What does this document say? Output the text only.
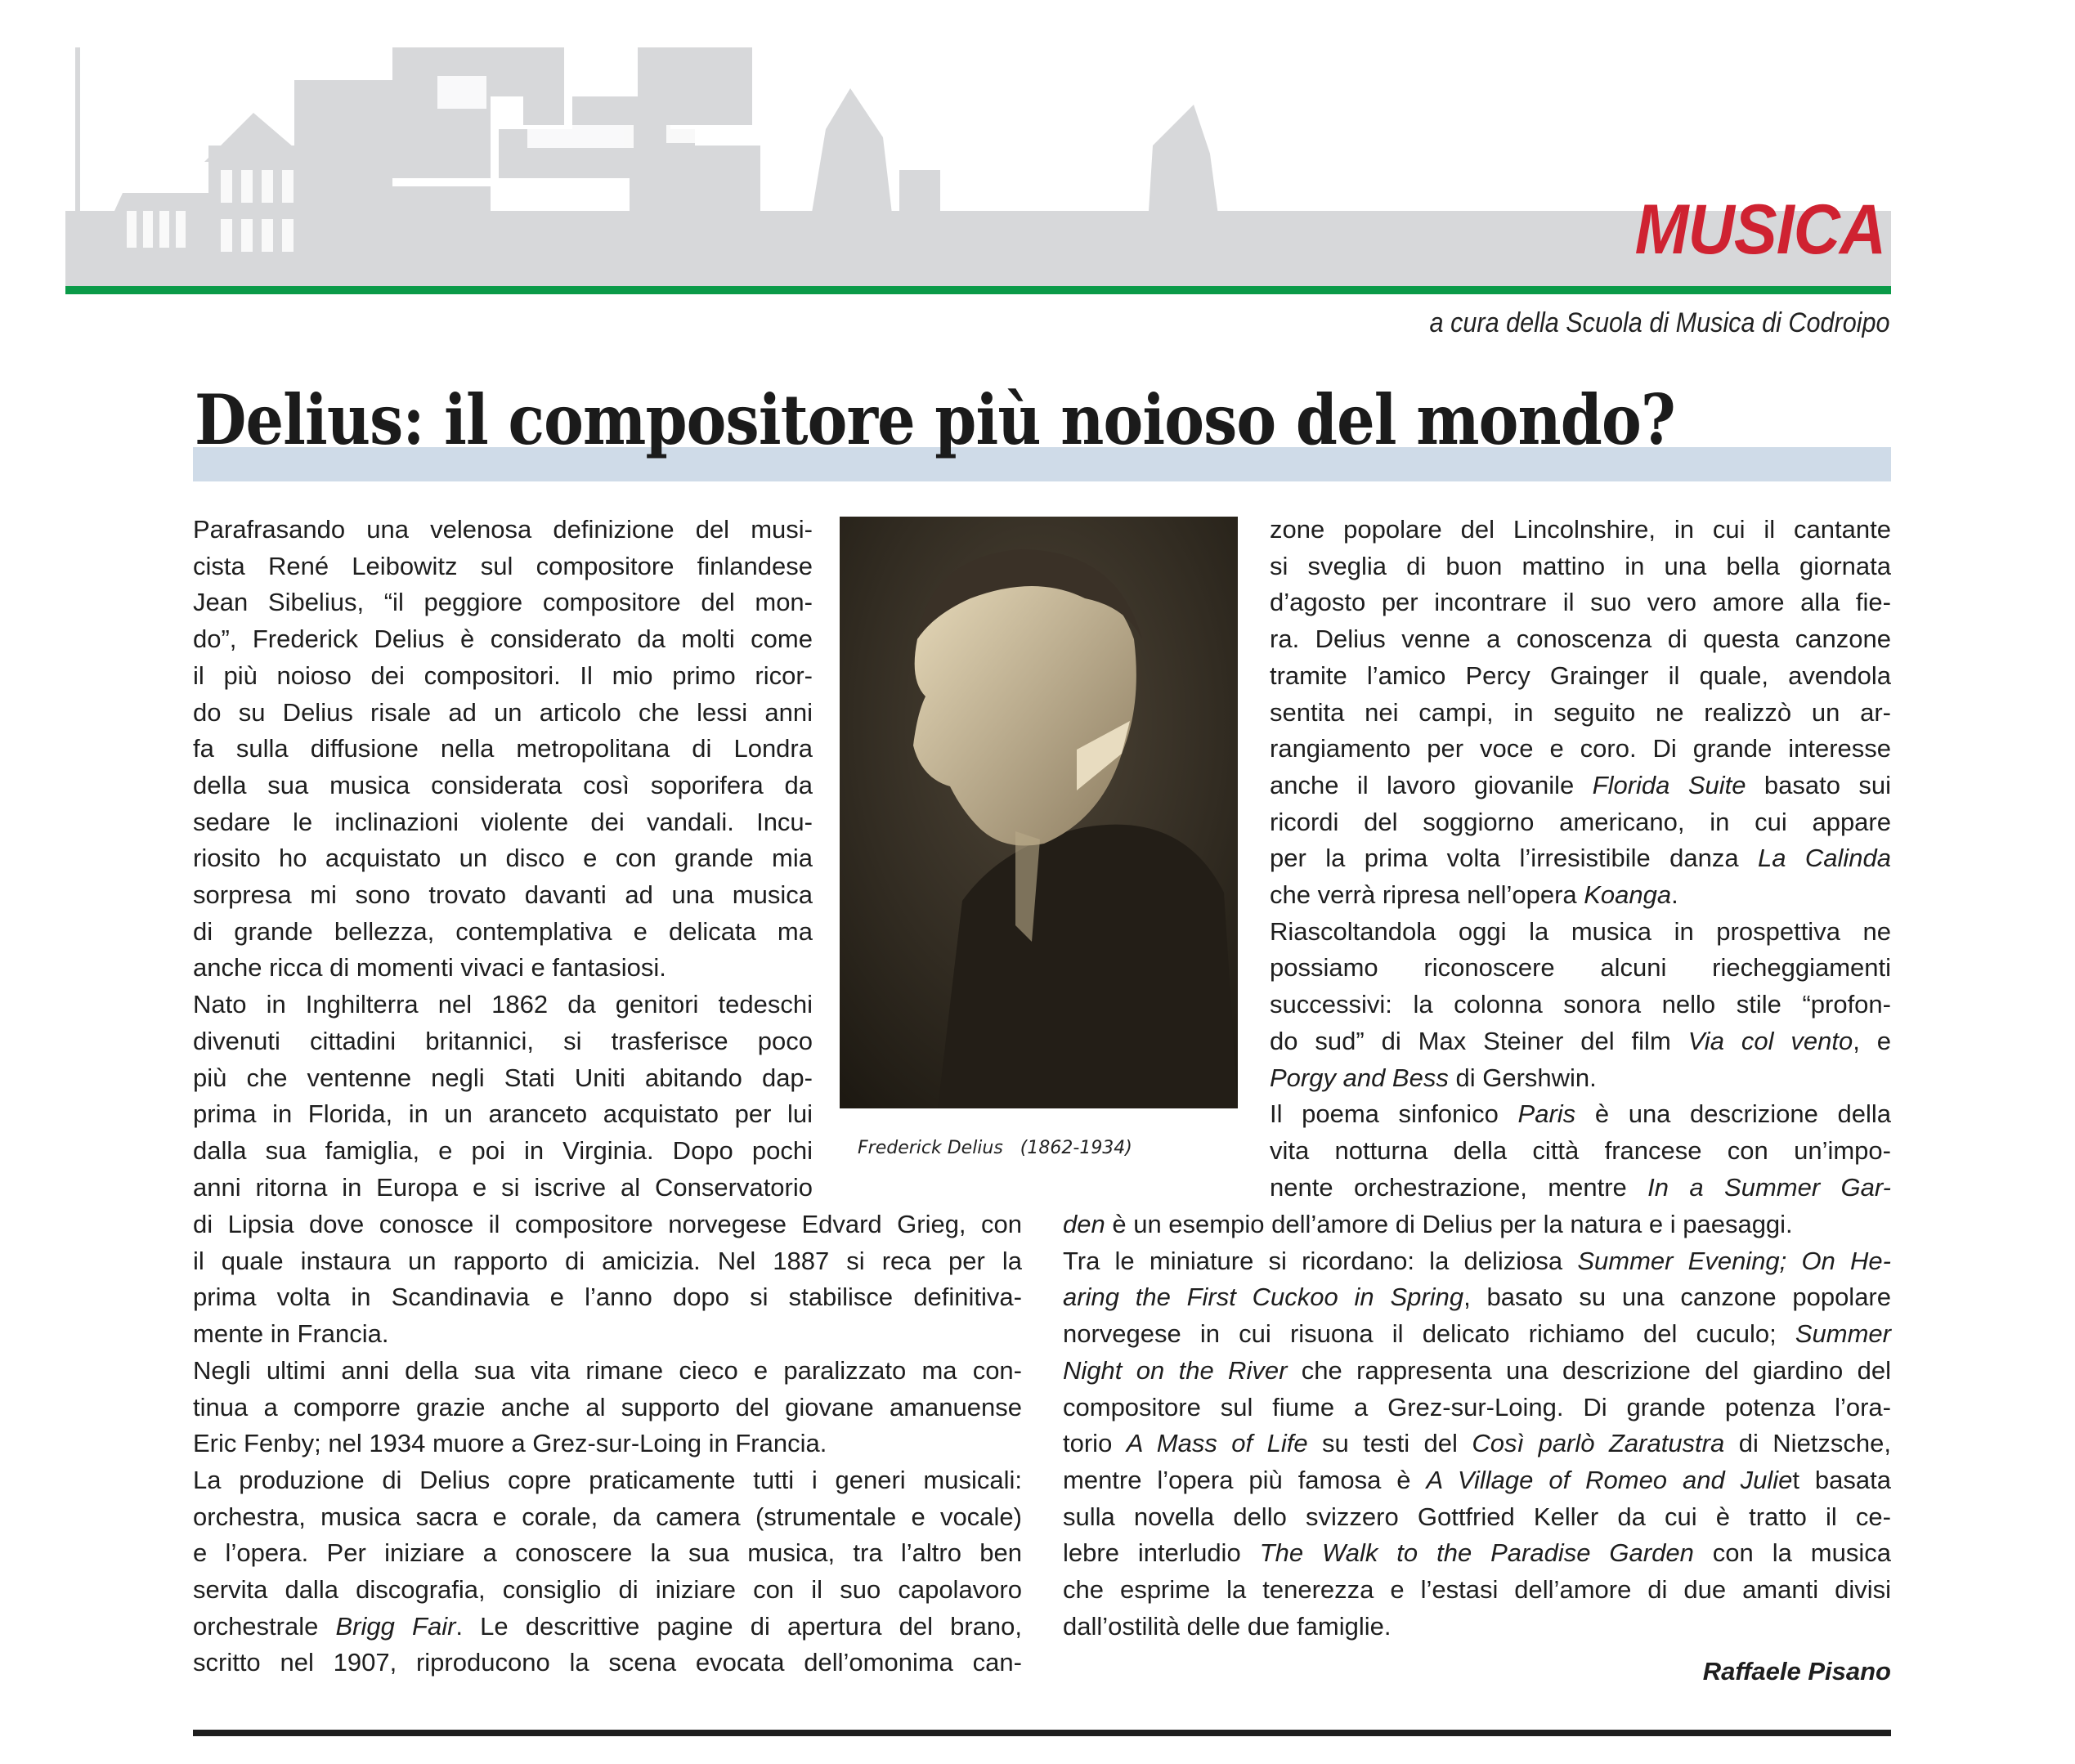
MUSICA
a cura della Scuola di Musica di Codroipo
Delius: il compositore più noioso del mondo?
Parafrasando una velenosa definizione del musi-
cista René Leibowitz sul compositore finlandese
Jean Sibelius, “il peggiore compositore del mon-
do”, Frederick Delius è considerato da molti come
il più noioso dei compositori. Il mio primo ricor-
do su Delius risale ad un articolo che lessi anni
fa sulla diffusione nella metropolitana di Londra
della sua musica considerata così soporifera da
sedare le inclinazioni violente dei vandali. Incu-
riosito ho acquistato un disco e con grande mia
sorpresa mi sono trovato davanti ad una musica
di grande bellezza, contemplativa e delicata ma
anche ricca di momenti vivaci e fantasiosi.
Nato in Inghilterra nel 1862 da genitori tedeschi
divenuti cittadini britannici, si trasferisce poco
più che ventenne negli Stati Uniti abitando dap-
prima in Florida, in un aranceto acquistato per lui
dalla sua famiglia, e poi in Virginia. Dopo pochi
anni ritorna in Europa e si iscrive al Conservatorio
di Lipsia dove conosce il compositore norvegese Edvard Grieg, con
il quale instaura un rapporto di amicizia. Nel 1887 si reca per la
prima volta in Scandinavia e l’anno dopo si stabilisce definitiva-
mente in Francia.
Negli ultimi anni della sua vita rimane cieco e paralizzato ma con-
tinua a comporre grazie anche al supporto del giovane amanuense
Eric Fenby; nel 1934 muore a Grez-sur-Loing in Francia.
La produzione di Delius copre praticamente tutti i generi musicali:
orchestra, musica sacra e corale, da camera (strumentale e vocale)
e l’opera. Per iniziare a conoscere la sua musica, tra l’altro ben
servita dalla discografia, consiglio di iniziare con il suo capolavoro
orchestrale Brigg Fair. Le descrittive pagine di apertura del brano,
scritto nel 1907, riproducono la scena evocata dell’omonima can-
zone popolare del Lincolnshire, in cui il cantante
si sveglia di buon mattino in una bella giornata
d’agosto per incontrare il suo vero amore alla fie-
ra. Delius venne a conoscenza di questa canzone
tramite l’amico Percy Grainger il quale, avendola
sentita nei campi, in seguito ne realizzò un ar-
rangiamento per voce e coro. Di grande interesse
anche il lavoro giovanile Florida Suite basato sui
ricordi del soggiorno americano, in cui appare
per la prima volta l’irresistibile danza La Calinda
che verrà ripresa nell’opera Koanga.
Riascoltandola oggi la musica in prospettiva ne
possiamo riconoscere alcuni riecheggiamenti
successivi: la colonna sonora nello stile “profon-
do sud” di Max Steiner del film Via col vento, e
Porgy and Bess di Gershwin.
Il poema sinfonico Paris è una descrizione della
vita notturna della città francese con un’impo-
nente orchestrazione, mentre In a Summer Gar-
den è un esempio dell’amore di Delius per la natura e i paesaggi.
Tra le miniature si ricordano: la deliziosa Summer Evening; On He-
aring the First Cuckoo in Spring, basato su una canzone popolare
norvegese in cui risuona il delicato richiamo del cuculo; Summer
Night on the River che rappresenta una descrizione del giardino del
compositore sul fiume a Grez-sur-Loing. Di grande potenza l’ora-
torio A Mass of Life su testi del Così parlò Zaratustra di Nietzsche,
mentre l’opera più famosa è A Village of Romeo and Juliet basata
sulla novella dello svizzero Gottfried Keller da cui è tratto il ce-
lebre interludio The Walk to the Paradise Garden con la musica
che esprime la tenerezza e l’estasi dell’amore di due amanti divisi
dall’ostilità delle due famiglie.
Frederick Delius   (1862-1934)
Raffaele Pisano
